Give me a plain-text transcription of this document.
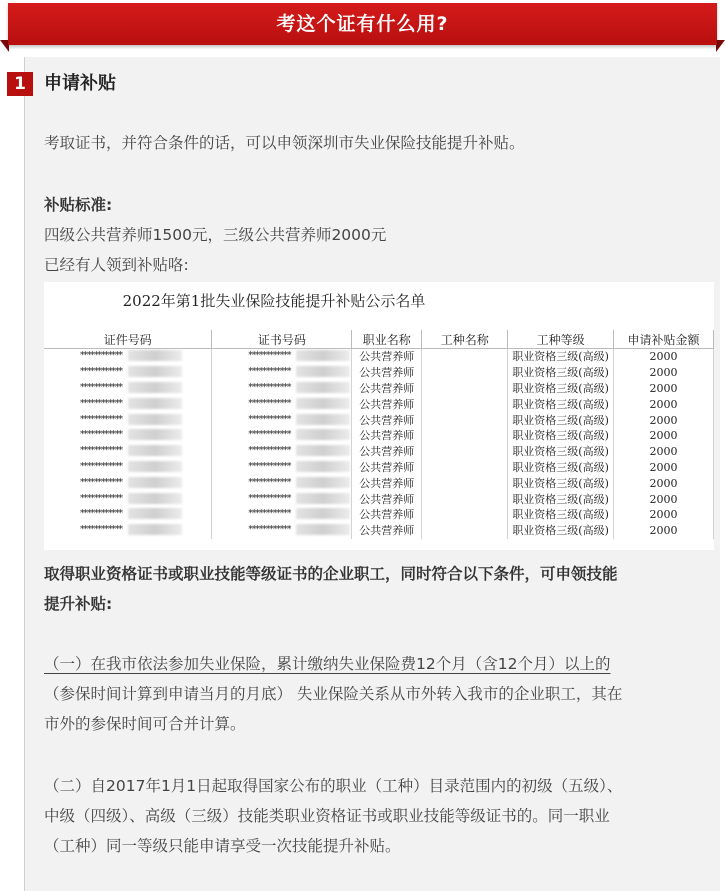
考这个证有什么用?
1	申请补贴
考取证书，并符合条件的话，可以申领深圳市失业保险技能提升补贴。
补贴标准:
四级公共营养师1500元，三级公共营养师2000元
已经有人领到补贴咯:
2022年第1批失业保险技能提升补贴公示名单
证件号码	证书号码	职业名称	工种名称	工种等级	申请补贴金额
************	************	公共营养师		职业资格三级(高级)	2000
************	************	公共营养师		职业资格三级(高级)	2000
************	************	公共营养师		职业资格三级(高级)	2000
************	************	公共营养师		职业资格三级(高级)	2000
************	************	公共营养师		职业资格三级(高级)	2000
************	************	公共营养师		职业资格三级(高级)	2000
************	************	公共营养师		职业资格三级(高级)	2000
************	************	公共营养师		职业资格三级(高级)	2000
************	************	公共营养师		职业资格三级(高级)	2000
************	************	公共营养师		职业资格三级(高级)	2000
************	************	公共营养师		职业资格三级(高级)	2000
************	************	公共营养师		职业资格三级(高级)	2000
取得职业资格证书或职业技能等级证书的企业职工，同时符合以下条件，可申领技能
提升补贴:
（一）在我市依法参加失业保险，累计缴纳失业保险费12个月（含12个月）以上的
（参保时间计算到申请当月的月底） 失业保险关系从市外转入我市的企业职工，其在
市外的参保时间可合并计算。
（二）自2017年1月1日起取得国家公布的职业（工种）目录范围内的初级（五级）、
中级（四级）、高级（三级）技能类职业资格证书或职业技能等级证书的。同一职业
（工种）同一等级只能申请享受一次技能提升补贴。
